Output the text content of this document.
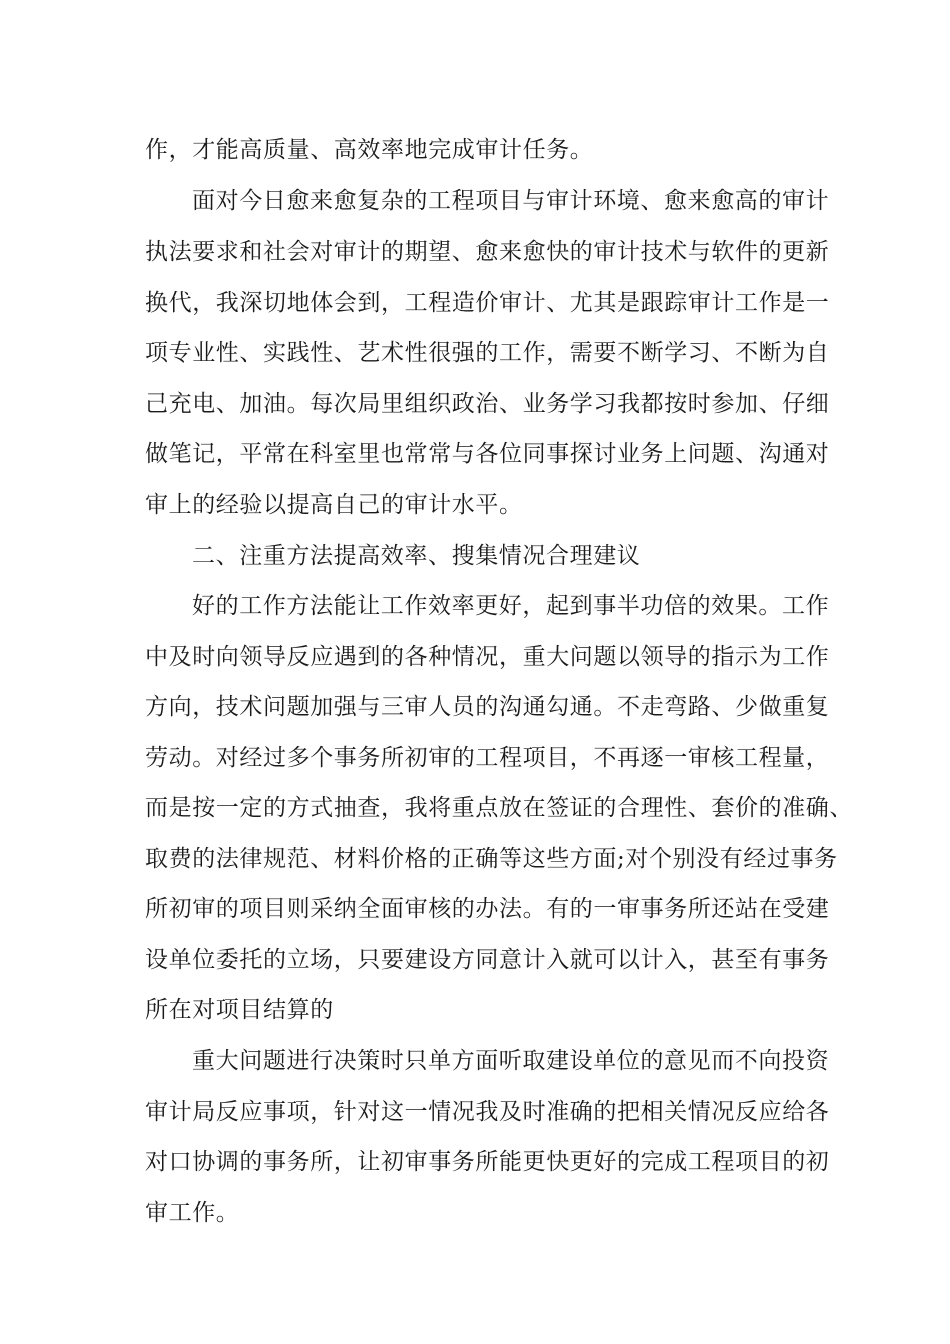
作，才能高质量、高效率地完成审计任务。
面对今日愈来愈复杂的工程项目与审计环境、愈来愈高的审计
执法要求和社会对审计的期望、愈来愈快的审计技术与软件的更新
换代，我深切地体会到，工程造价审计、尤其是跟踪审计工作是一
项专业性、实践性、艺术性很强的工作，需要不断学习、不断为自
己充电、加油。每次局里组织政治、业务学习我都按时参加、仔细
做笔记，平常在科室里也常常与各位同事探讨业务上问题、沟通对
审上的经验以提高自己的审计水平。
二、注重方法提高效率、搜集情况合理建议
好的工作方法能让工作效率更好，起到事半功倍的效果。工作
中及时向领导反应遇到的各种情况，重大问题以领导的指示为工作
方向，技术问题加强与三审人员的沟通勾通。不走弯路、少做重复
劳动。对经过多个事务所初审的工程项目，不再逐一审核工程量，
而是按一定的方式抽查，我将重点放在签证的合理性、套价的准确、
取费的法律规范、材料价格的正确等这些方面;对个别没有经过事务
所初审的项目则采纳全面审核的办法。有的一审事务所还站在受建
设单位委托的立场，只要建设方同意计入就可以计入，甚至有事务
所在对项目结算的
重大问题进行决策时只单方面听取建设单位的意见而不向投资
审计局反应事项，针对这一情况我及时准确的把相关情况反应给各
对口协调的事务所，让初审事务所能更快更好的完成工程项目的初
审工作。
